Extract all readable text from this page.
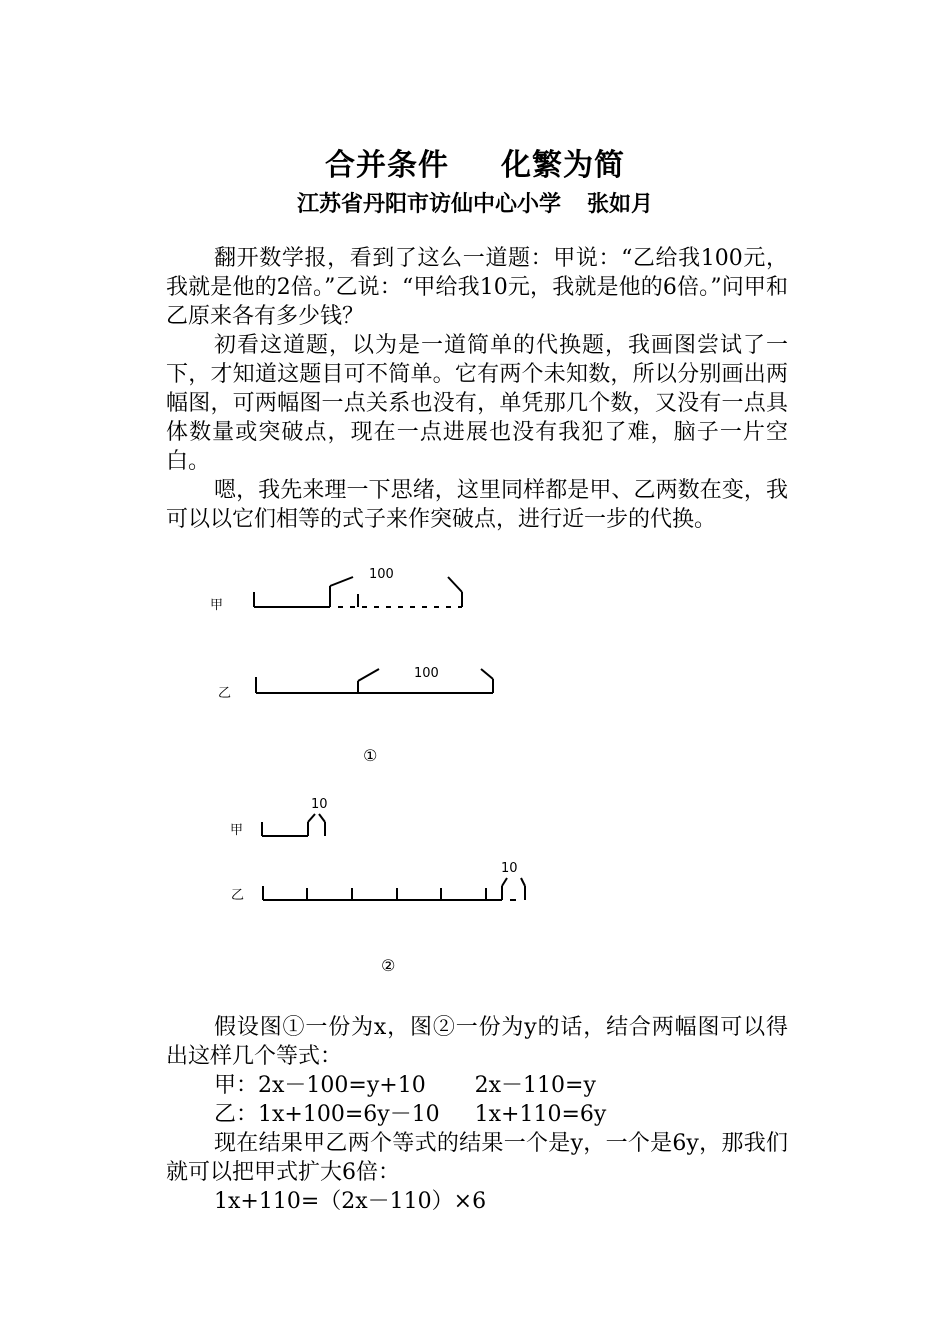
合并条件 化繁为简
江苏省丹阳市访仙中心小学 张如月

翻开数学报，看到了这么一道题：甲说：“乙给我100元，我就是他的2倍。”乙说：“甲给我10元，我就是他的6倍。”问甲和乙原来各有多少钱？

初看这道题，以为是一道简单的代换题，我画图尝试了一下，才知道这题目可不简单。它有两个未知数，所以分别画出两幅图，可两幅图一点关系也没有，单凭那几个数，又没有一点具体数量或突破点，现在一点进展也没有我犯了难，脑子一片空白。

嗯，我先来理一下思绪，这里同样都是甲、乙两数在变，我可以以它们相等的式子来作突破点，进行近一步的代换。

甲
100
乙
100
①
甲
10
乙
10
②

假设图①一份为x，图②一份为y的话，结合两幅图可以得出这样几个等式：

甲：2x－100=y+10       2x－110=y

乙：1x+100=6y－10     1x+110=6y

现在结果甲乙两个等式的结果一个是y，一个是6y，那我们就可以把甲式扩大6倍：

1x+110=（2x－110）×6
